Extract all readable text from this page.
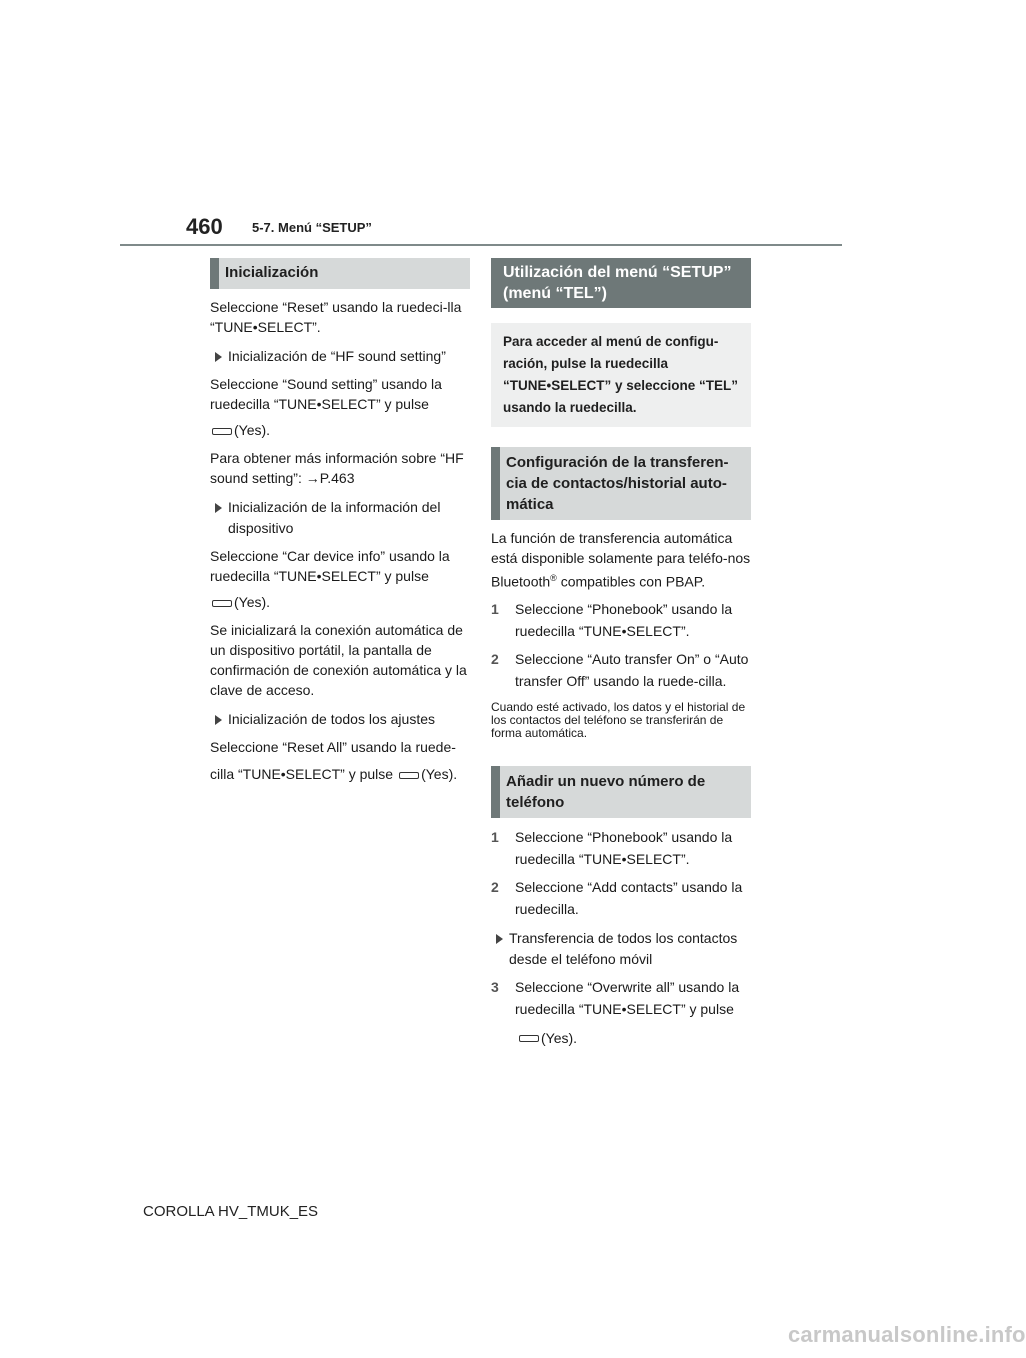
460 5-7. Menú “SETUP”
Inicialización

Seleccione “Reset” usando la ruedeci-lla “TUNE•SELECT”.

Inicialización de “HF sound setting”

Seleccione “Sound setting” usando la ruedecilla “TUNE•SELECT” y pulse

(Yes).

Para obtener más información sobre “HF sound setting”: →P.463

Inicialización de la información del dispositivo

Seleccione “Car device info” usando la ruedecilla “TUNE•SELECT” y pulse

(Yes).

Se inicializará la conexión automática de un dispositivo portátil, la pantalla de confirmación de conexión automática y la clave de acceso.

Inicialización de todos los ajustes

Seleccione “Reset All” usando la ruede-

cilla “TUNE•SELECT” y pulse (Yes).

Utilización del menú “SETUP” (menú “TEL”)
Para acceder al menú de configu-ración, pulse la ruedecilla “TUNE•SELECT” y seleccione “TEL” usando la ruedecilla.
Configuración de la transferen-cia de contactos/historial auto-mática

La función de transferencia automática está disponible solamente para teléfo-nos Bluetooth® compatibles con PBAP.

1 Seleccione “Phonebook” usando la ruedecilla “TUNE•SELECT”.
2 Seleccione “Auto transfer On” o “Auto transfer Off” usando la ruede-cilla.

Cuando esté activado, los datos y el historial de los contactos del teléfono se transferirán de forma automática.

Añadir un nuevo número de teléfono
1 Seleccione “Phonebook” usando la ruedecilla “TUNE•SELECT”.
2 Seleccione “Add contacts” usando la ruedecilla.
Transferencia de todos los contactos desde el teléfono móvil
3 Seleccione “Overwrite all” usando la ruedecilla “TUNE•SELECT” y pulse
(Yes).
COROLLA HV_TMUK_ES
carmanualsonline.info
